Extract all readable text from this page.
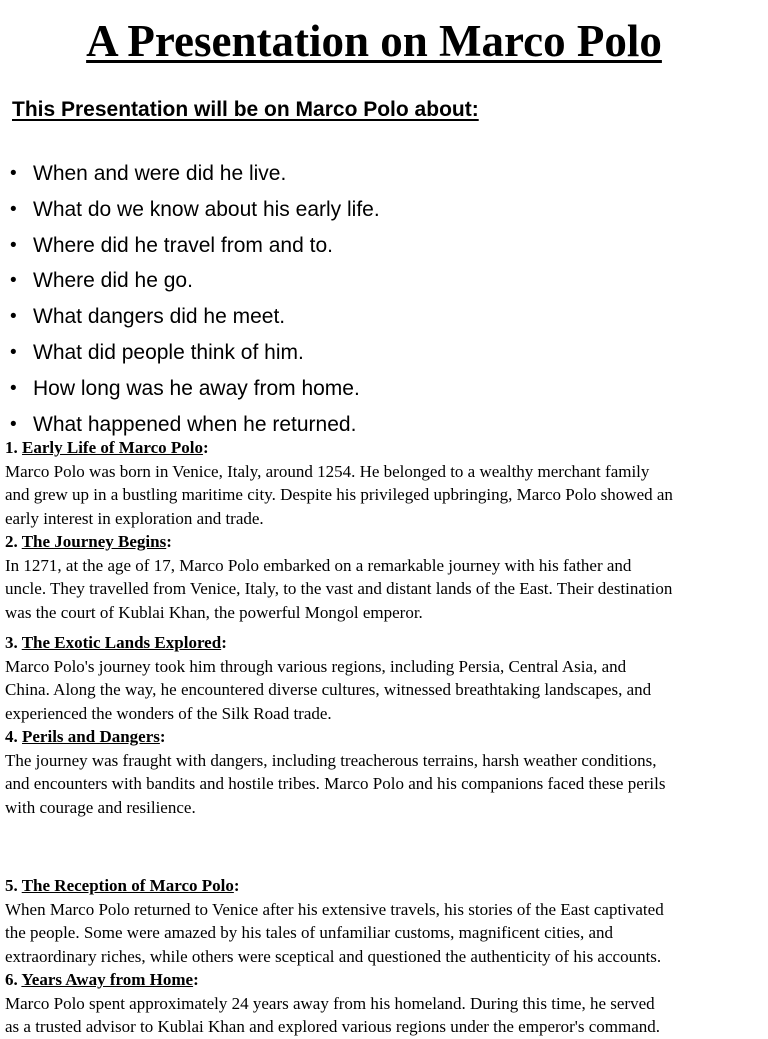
A Presentation on Marco Polo
This Presentation will be on Marco Polo about:
• When and were did he live.
• What do we know about his early life.
• Where did he travel from and to.
• Where did he go.
• What dangers did he meet.
• What did people think of him.
• How long was he away from home.
• What happened when he returned.
1. Early Life of Marco Polo:
Marco Polo was born in Venice, Italy, around 1254. He belonged to a wealthy merchant family
and grew up in a bustling maritime city. Despite his privileged upbringing, Marco Polo showed an
early interest in exploration and trade.
2. The Journey Begins:
In 1271, at the age of 17, Marco Polo embarked on a remarkable journey with his father and
uncle. They travelled from Venice, Italy, to the vast and distant lands of the East. Their destination
was the court of Kublai Khan, the powerful Mongol emperor.
3. The Exotic Lands Explored:
Marco Polo's journey took him through various regions, including Persia, Central Asia, and
China. Along the way, he encountered diverse cultures, witnessed breathtaking landscapes, and
experienced the wonders of the Silk Road trade.
4. Perils and Dangers:
The journey was fraught with dangers, including treacherous terrains, harsh weather conditions,
and encounters with bandits and hostile tribes. Marco Polo and his companions faced these perils
with courage and resilience.
5. The Reception of Marco Polo:
When Marco Polo returned to Venice after his extensive travels, his stories of the East captivated
the people. Some were amazed by his tales of unfamiliar customs, magnificent cities, and
extraordinary riches, while others were sceptical and questioned the authenticity of his accounts.
6. Years Away from Home:
Marco Polo spent approximately 24 years away from his homeland. During this time, he served
as a trusted advisor to Kublai Khan and explored various regions under the emperor's command.
